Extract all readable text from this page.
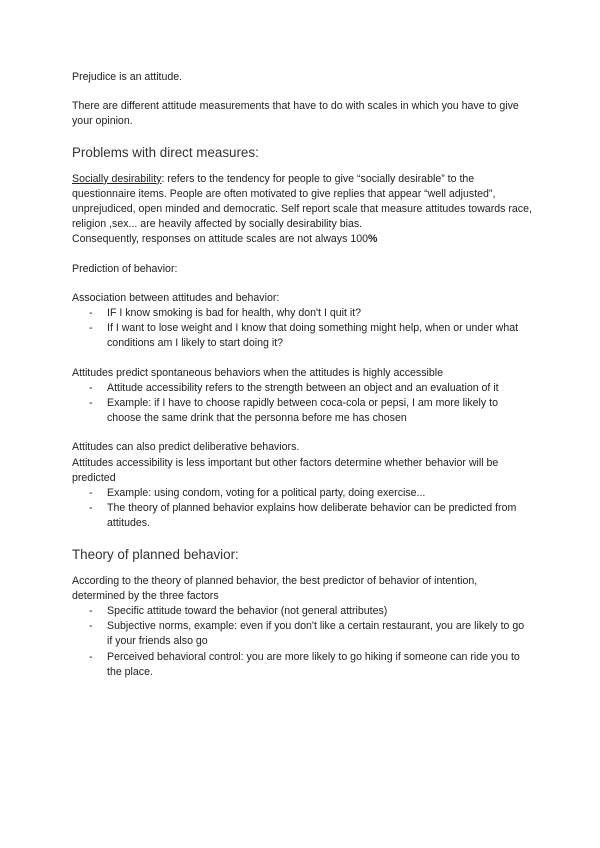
Prejudice is an attitude.

There are different attitude measurements that have to do with scales in which you have to give your opinion.

Problems with direct measures:

Socially desirability: refers to the tendency for people to give “socially desirable” to the questionnaire items. People are often motivated to give replies that appear “well adjusted”, unprejudiced, open minded and democratic. Self report scale that measure attitudes towards race, religion ,sex... are heavily affected by socially desirability bias.

Consequently, responses on attitude scales are not always 100%

Prediction of behavior:

Association between attitudes and behavior:

- IF I know smoking is bad for health, why don't I quit it?
- If I want to lose weight and I know that doing something might help, when or under what conditions am I likely to start doing it?

Attitudes predict spontaneous behaviors when the attitudes is highly accessible

- Attitude accessibility refers to the strength between an object and an evaluation of it
- Example: if I have to choose rapidly between coca-cola or pepsi, I am more likely to choose the same drink that the personna before me has chosen

Attitudes can also predict deliberative behaviors.

Attitudes accessibility is less important but other factors determine whether behavior will be predicted

- Example: using condom, voting for a political party, doing exercise...
- The theory of planned behavior explains how deliberate behavior can be predicted from attitudes.
Theory of planned behavior:

According to the theory of planned behavior, the best predictor of behavior of intention, determined by the three factors

- Specific attitude toward the behavior (not general attributes)
- Subjective norms, example: even if you don't like a certain restaurant, you are likely to go if your friends also go
- Perceived behavioral control: you are more likely to go hiking if someone can ride you to the place.
